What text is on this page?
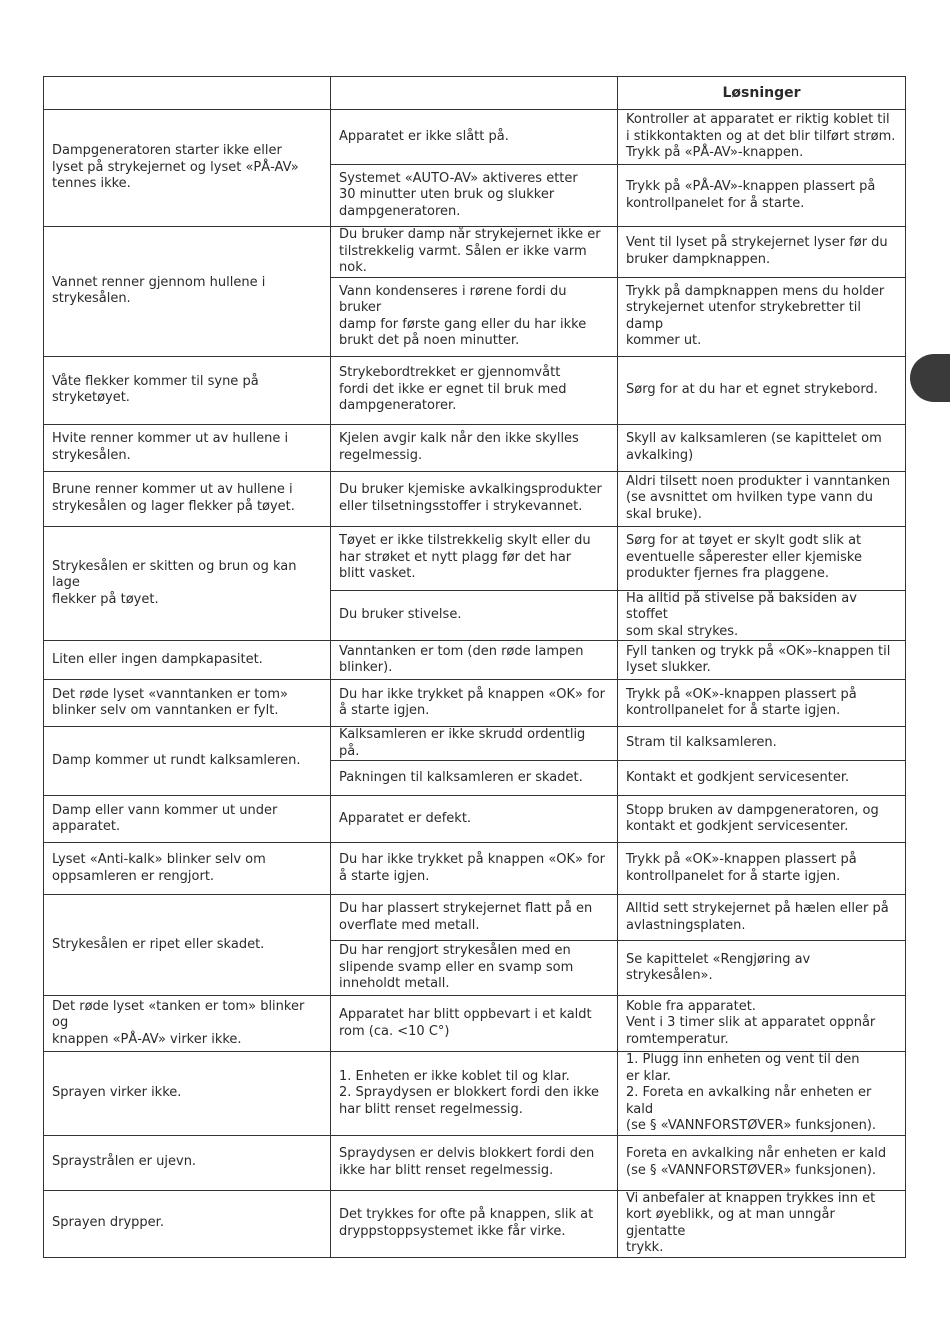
		Løsninger
Dampgeneratoren starter ikke eller
lyset på strykejernet og lyset «PÅ-AV»
tennes ikke.	Apparatet er ikke slått på.	Kontroller at apparatet er riktig koblet til
i stikkontakten og at det blir tilført strøm.
Trykk på «PÅ-AV»-knappen.
	Systemet «AUTO-AV» aktiveres etter
30 minutter uten bruk og slukker
dampgeneratoren.	Trykk på «PÅ-AV»-knappen plassert på
kontrollpanelet for å starte.
Vannet renner gjennom hullene i
strykesålen.	Du bruker damp når strykejernet ikke er
tilstrekkelig varmt. Sålen er ikke varm nok.	Vent til lyset på strykejernet lyser før du
bruker dampknappen.
	Vann kondenseres i rørene fordi du bruker
damp for første gang eller du har ikke
brukt det på noen minutter.	Trykk på dampknappen mens du holder
strykejernet utenfor strykebretter til damp
kommer ut.
Våte flekker kommer til syne på
stryketøyet.	Strykebordtrekket er gjennomvått
fordi det ikke er egnet til bruk med
dampgeneratorer.	Sørg for at du har et egnet strykebord.
Hvite renner kommer ut av hullene i
strykesålen.	Kjelen avgir kalk når den ikke skylles
regelmessig.	Skyll av kalksamleren (se kapittelet om
avkalking)
Brune renner kommer ut av hullene i
strykesålen og lager flekker på tøyet.	Du bruker kjemiske avkalkingsprodukter
eller tilsetningsstoffer i strykevannet.	Aldri tilsett noen produkter i vanntanken
(se avsnittet om hvilken type vann du
skal bruke).
Strykesålen er skitten og brun og kan lage
flekker på tøyet.	Tøyet er ikke tilstrekkelig skylt eller du
har strøket et nytt plagg før det har
blitt vasket.	Sørg for at tøyet er skylt godt slik at
eventuelle såperester eller kjemiske
produkter fjernes fra plaggene.
	Du bruker stivelse.	Ha alltid på stivelse på baksiden av stoffet
som skal strykes.
Liten eller ingen dampkapasitet.	Vanntanken er tom (den røde lampen
blinker).	Fyll tanken og trykk på «OK»-knappen til
lyset slukker.
Det røde lyset «vanntanken er tom»
blinker selv om vanntanken er fylt.	Du har ikke trykket på knappen «OK» for
å starte igjen.	Trykk på «OK»-knappen plassert på
kontrollpanelet for å starte igjen.
Damp kommer ut rundt kalksamleren.	Kalksamleren er ikke skrudd ordentlig på.	Stram til kalksamleren.
	Pakningen til kalksamleren er skadet.	Kontakt et godkjent servicesenter.
Damp eller vann kommer ut under
apparatet.	Apparatet er defekt.	Stopp bruken av dampgeneratoren, og
kontakt et godkjent servicesenter.
Lyset «Anti-kalk» blinker selv om
oppsamleren er rengjort.	Du har ikke trykket på knappen «OK» for
å starte igjen.	Trykk på «OK»-knappen plassert på
kontrollpanelet for å starte igjen.
Strykesålen er ripet eller skadet.	Du har plassert strykejernet flatt på en
overflate med metall.	Alltid sett strykejernet på hælen eller på
avlastningsplaten.
	Du har rengjort strykesålen med en
slipende svamp eller en svamp som
inneholdt metall.	Se kapittelet «Rengjøring av strykesålen».
Det røde lyset «tanken er tom» blinker og
knappen «PÅ-AV» virker ikke.	Apparatet har blitt oppbevart i et kaldt
rom (ca. <10 C°)	Koble fra apparatet.
Vent i 3 timer slik at apparatet oppnår
romtemperatur.
Sprayen virker ikke.	1. Enheten er ikke koblet til og klar.
2. Spraydysen er blokkert fordi den ikke
har blitt renset regelmessig.	1. Plugg inn enheten og vent til den
er klar.
2. Foreta en avkalking når enheten er kald
(se § «VANNFORSTØVER» funksjonen).
Spraystrålen er ujevn.	Spraydysen er delvis blokkert fordi den
ikke har blitt renset regelmessig.	Foreta en avkalking når enheten er kald
(se § «VANNFORSTØVER» funksjonen).
Sprayen drypper.	Det trykkes for ofte på knappen, slik at
dryppstoppsystemet ikke får virke.	Vi anbefaler at knappen trykkes inn et
kort øyeblikk, og at man unngår gjentatte
trykk.
